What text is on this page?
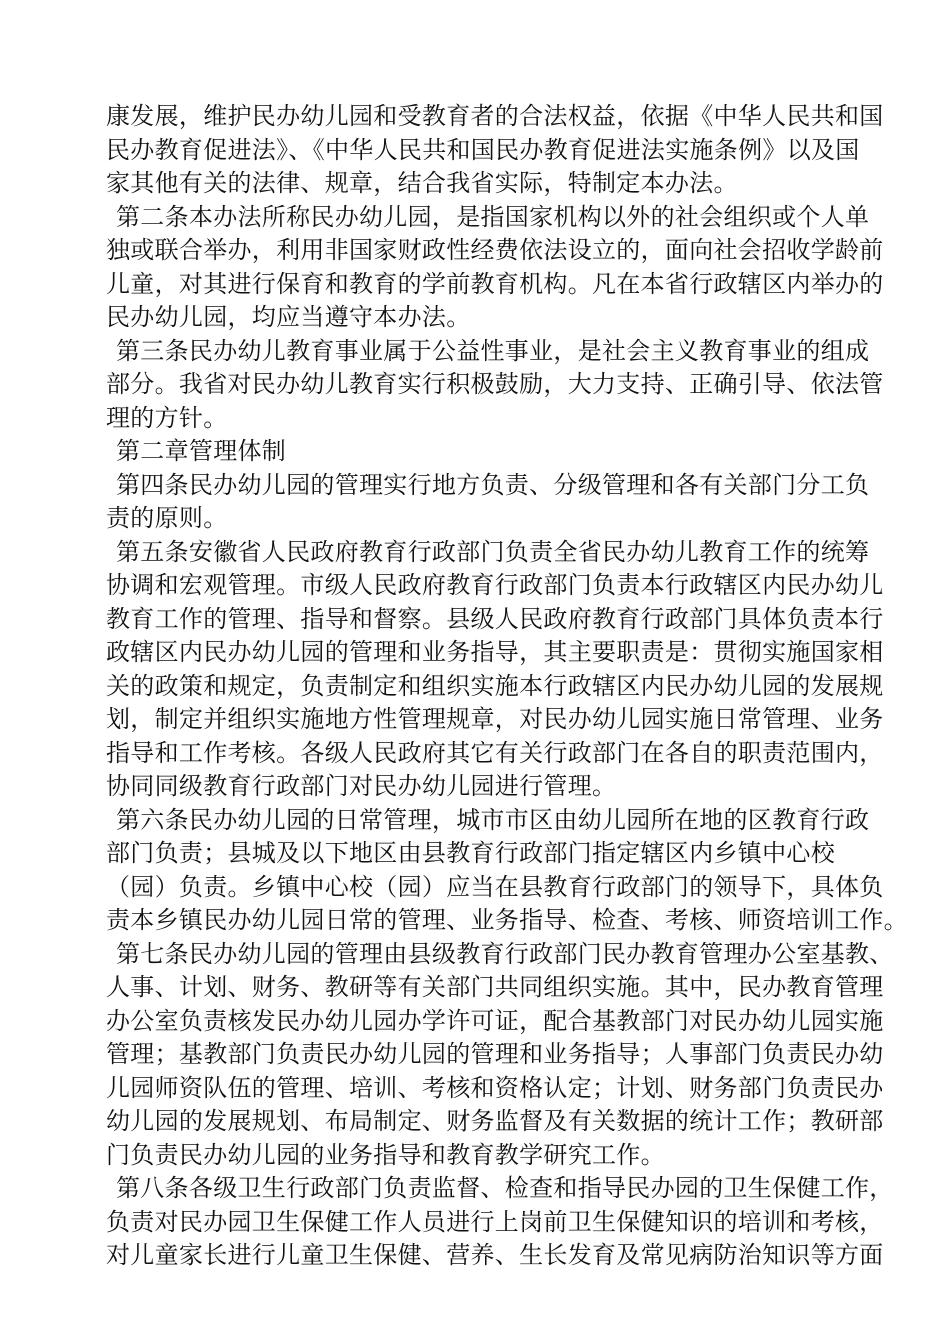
康发展，维护民办幼儿园和受教育者的合法权益，依据《中华人民共和国
民办教育促进法》、《中华人民共和国民办教育促进法实施条例》以及国
家其他有关的法律、规章，结合我省实际，特制定本办法。
第二条本办法所称民办幼儿园，是指国家机构以外的社会组织或个人单
独或联合举办，利用非国家财政性经费依法设立的，面向社会招收学龄前
儿童，对其进行保育和教育的学前教育机构。凡在本省行政辖区内举办的
民办幼儿园，均应当遵守本办法。
第三条民办幼儿教育事业属于公益性事业，是社会主义教育事业的组成
部分。我省对民办幼儿教育实行积极鼓励，大力支持、正确引导、依法管
理的方针。
第二章管理体制
第四条民办幼儿园的管理实行地方负责、分级管理和各有关部门分工负
责的原则。
第五条安徽省人民政府教育行政部门负责全省民办幼儿教育工作的统筹
协调和宏观管理。市级人民政府教育行政部门负责本行政辖区内民办幼儿
教育工作的管理、指导和督察。县级人民政府教育行政部门具体负责本行
政辖区内民办幼儿园的管理和业务指导，其主要职责是：贯彻实施国家相
关的政策和规定，负责制定和组织实施本行政辖区内民办幼儿园的发展规
划，制定并组织实施地方性管理规章，对民办幼儿园实施日常管理、业务
指导和工作考核。各级人民政府其它有关行政部门在各自的职责范围内，
协同同级教育行政部门对民办幼儿园进行管理。
第六条民办幼儿园的日常管理，城市市区由幼儿园所在地的区教育行政
部门负责；县城及以下地区由县教育行政部门指定辖区内乡镇中心校
（园）负责。乡镇中心校（园）应当在县教育行政部门的领导下，具体负
责本乡镇民办幼儿园日常的管理、业务指导、检查、考核、师资培训工作。
第七条民办幼儿园的管理由县级教育行政部门民办教育管理办公室基教、
人事、计划、财务、教研等有关部门共同组织实施。其中，民办教育管理
办公室负责核发民办幼儿园办学许可证，配合基教部门对民办幼儿园实施
管理；基教部门负责民办幼儿园的管理和业务指导；人事部门负责民办幼
儿园师资队伍的管理、培训、考核和资格认定；计划、财务部门负责民办
幼儿园的发展规划、布局制定、财务监督及有关数据的统计工作；教研部
门负责民办幼儿园的业务指导和教育教学研究工作。
第八条各级卫生行政部门负责监督、检查和指导民办园的卫生保健工作，
负责对民办园卫生保健工作人员进行上岗前卫生保健知识的培训和考核，
对儿童家长进行儿童卫生保健、营养、生长发育及常见病防治知识等方面
